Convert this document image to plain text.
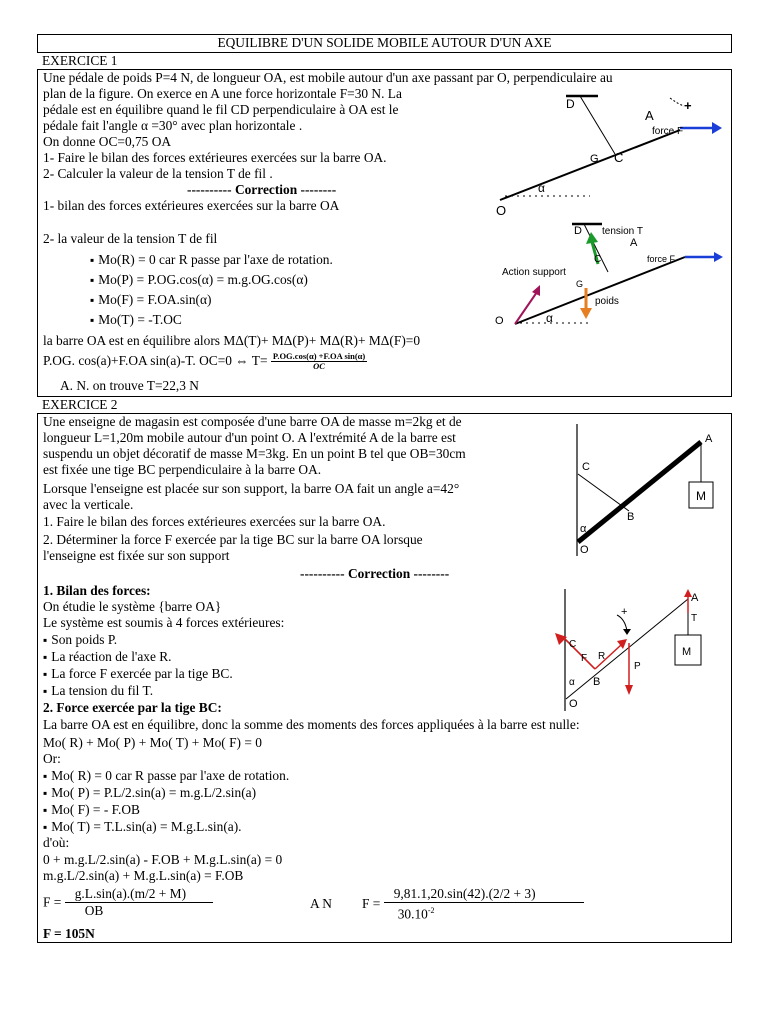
EQUILIBRE D'UN SOLIDE MOBILE AUTOUR D'UN AXE
EXERCICE 1
Une pédale de poids P=4 N, de longueur OA, est mobile autour d'un axe passant par O, perpendiculaire au
plan de la figure. On exerce en A une force horizontale F=30 N. La
pédale est en équilibre quand le fil CD perpendiculaire à OA est le
pédale fait l'angle α =30° avec plan horizontale .
On donne OC=0,75 OA
1- Faire le bilan des forces extérieures exercées sur la barre OA.
2- Calculer la valeur de la tension T de fil .
---------- Correction --------
1- bilan des forces extérieures exercées sur la barre OA
2- la valeur de la tension T de fil
▪ Mo(R) = 0 car R passe par l'axe de rotation.
▪ Mo(P) = P.OG.cos(α) = m.g.OG.cos(α)
▪ Mo(F) = F.OA.sin(α)
▪ Mo(T) = -T.OC
la barre OA est en équilibre alors MΔ(T)+ MΔ(P)+ MΔ(R)+ MΔ(F)=0
P.OG. cos(a)+F.OA sin(a)-T. OC=0 ⇔ $T= \frac{\text{P.OG.cos(α) +F.OA sin(α)}}{OC}$
A. N. on trouve T=22,3 N
D
A
+
force F
G C
α
O
D tension T
A
force F
C
Action support
G
poids
O	α
EXERCICE 2
Une enseigne de magasin est composée d'une barre OA de masse m=2kg et de
longueur L=1,20m mobile autour d'un point O. A l'extrémité A de la barre est
suspendu un objet décoratif de masse M=3kg. En un point B tel que OB=30cm
est fixée une tige BC perpendiculaire à la barre OA.
Lorsque l'enseigne est placée sur son support, la barre OA fait un angle a=42°
avec la verticale.
1. Faire le bilan des forces extérieures exercées sur la barre OA.
2. Déterminer la force F exercée par la tige BC sur la barre OA lorsque
l'enseigne est fixée sur son support
---------- Correction --------
1. Bilan des forces:
On étudie le système {barre OA}
Le système est soumis à 4 forces extérieures:
▪ Son poids P.
▪ La réaction de l'axe R.
▪ La force F exercée par la tige BC.
▪ La tension du fil T.
2. Force exercée par la tige BC:
La barre OA est en équilibre, donc la somme des moments des forces appliquées à la barre est nulle:
Mo( R) + Mo( P) + Mo( T) + Mo( F) = 0
Or:
▪ Mo( R) = 0 car R passe par l'axe de rotation.
▪ Mo( P) = P.L/2.sin(a) = m.g.L/2.sin(a)
▪ Mo( F) = - F.OB
▪ Mo( T) = T.L.sin(a) = M.g.L.sin(a).
d'où:
0 + m.g.L/2.sin(a) - F.OB + M.g.L.sin(a) = 0
m.g.L/2.sin(a) + M.g.L.sin(a) = F.OB
$F = \frac{g.L.\sin(a).(m/2 + M)}{OB}$	A N $F = \frac{9,81.1,20.\sin(42).(2/2 + 3)}{30.10^{-2}}$
F = 105N
M
A
C
B
α
O
M
+
A
T
C
F R
P
α B
O
